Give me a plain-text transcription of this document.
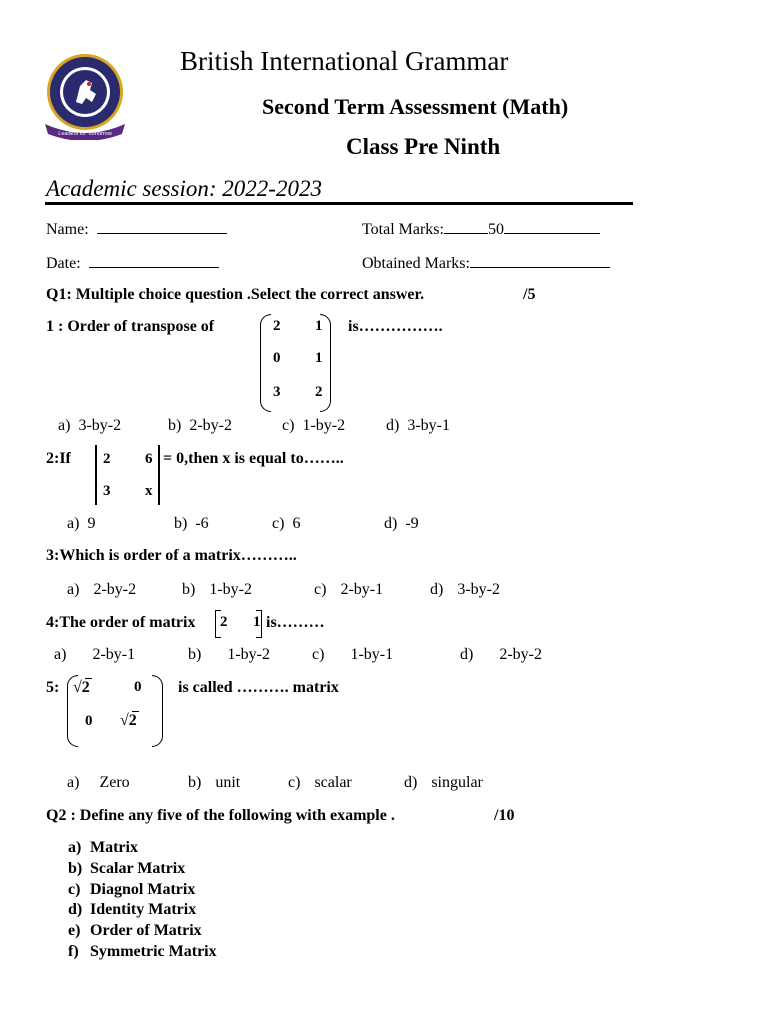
Leaders for Tomorrow
British International Grammar
Second Term Assessment (Math)
Class Pre Ninth
Academic session: 2022-2023
Name:	Total Marks:	50
Date:	Obtained Marks:
Q1: Multiple choice question .Select the correct answer.	/5
1 : Order of transpose of	2 1
0 1
3 2
is…………….
a) 3-by-2	b) 2-by-2	c) 1-by-2	d) 3-by-1
2:If 2 6
3 x
= 0,then x is equal to……..
a) 9	b) -6	c) 6	d) -9
3:Which is order of a matrix………..
a) 2-by-2	b) 1-by-2	c) 2-by-1	d) 3-by-2
4:The order of matrix 2 1 is………
a) 2-by-1	b) 1-by-2	c) 1-by-1	d) 2-by-2
5: √2	0
0 √2
is called ………. matrix
a) Zero	b) unit	c) scalar	d) singular
Q2 : Define any five of the following with example .	/10
a) Matrix
b) Scalar Matrix
c) Diagnol Matrix
d) Identity Matrix
e) Order of Matrix
f) Symmetric Matrix
